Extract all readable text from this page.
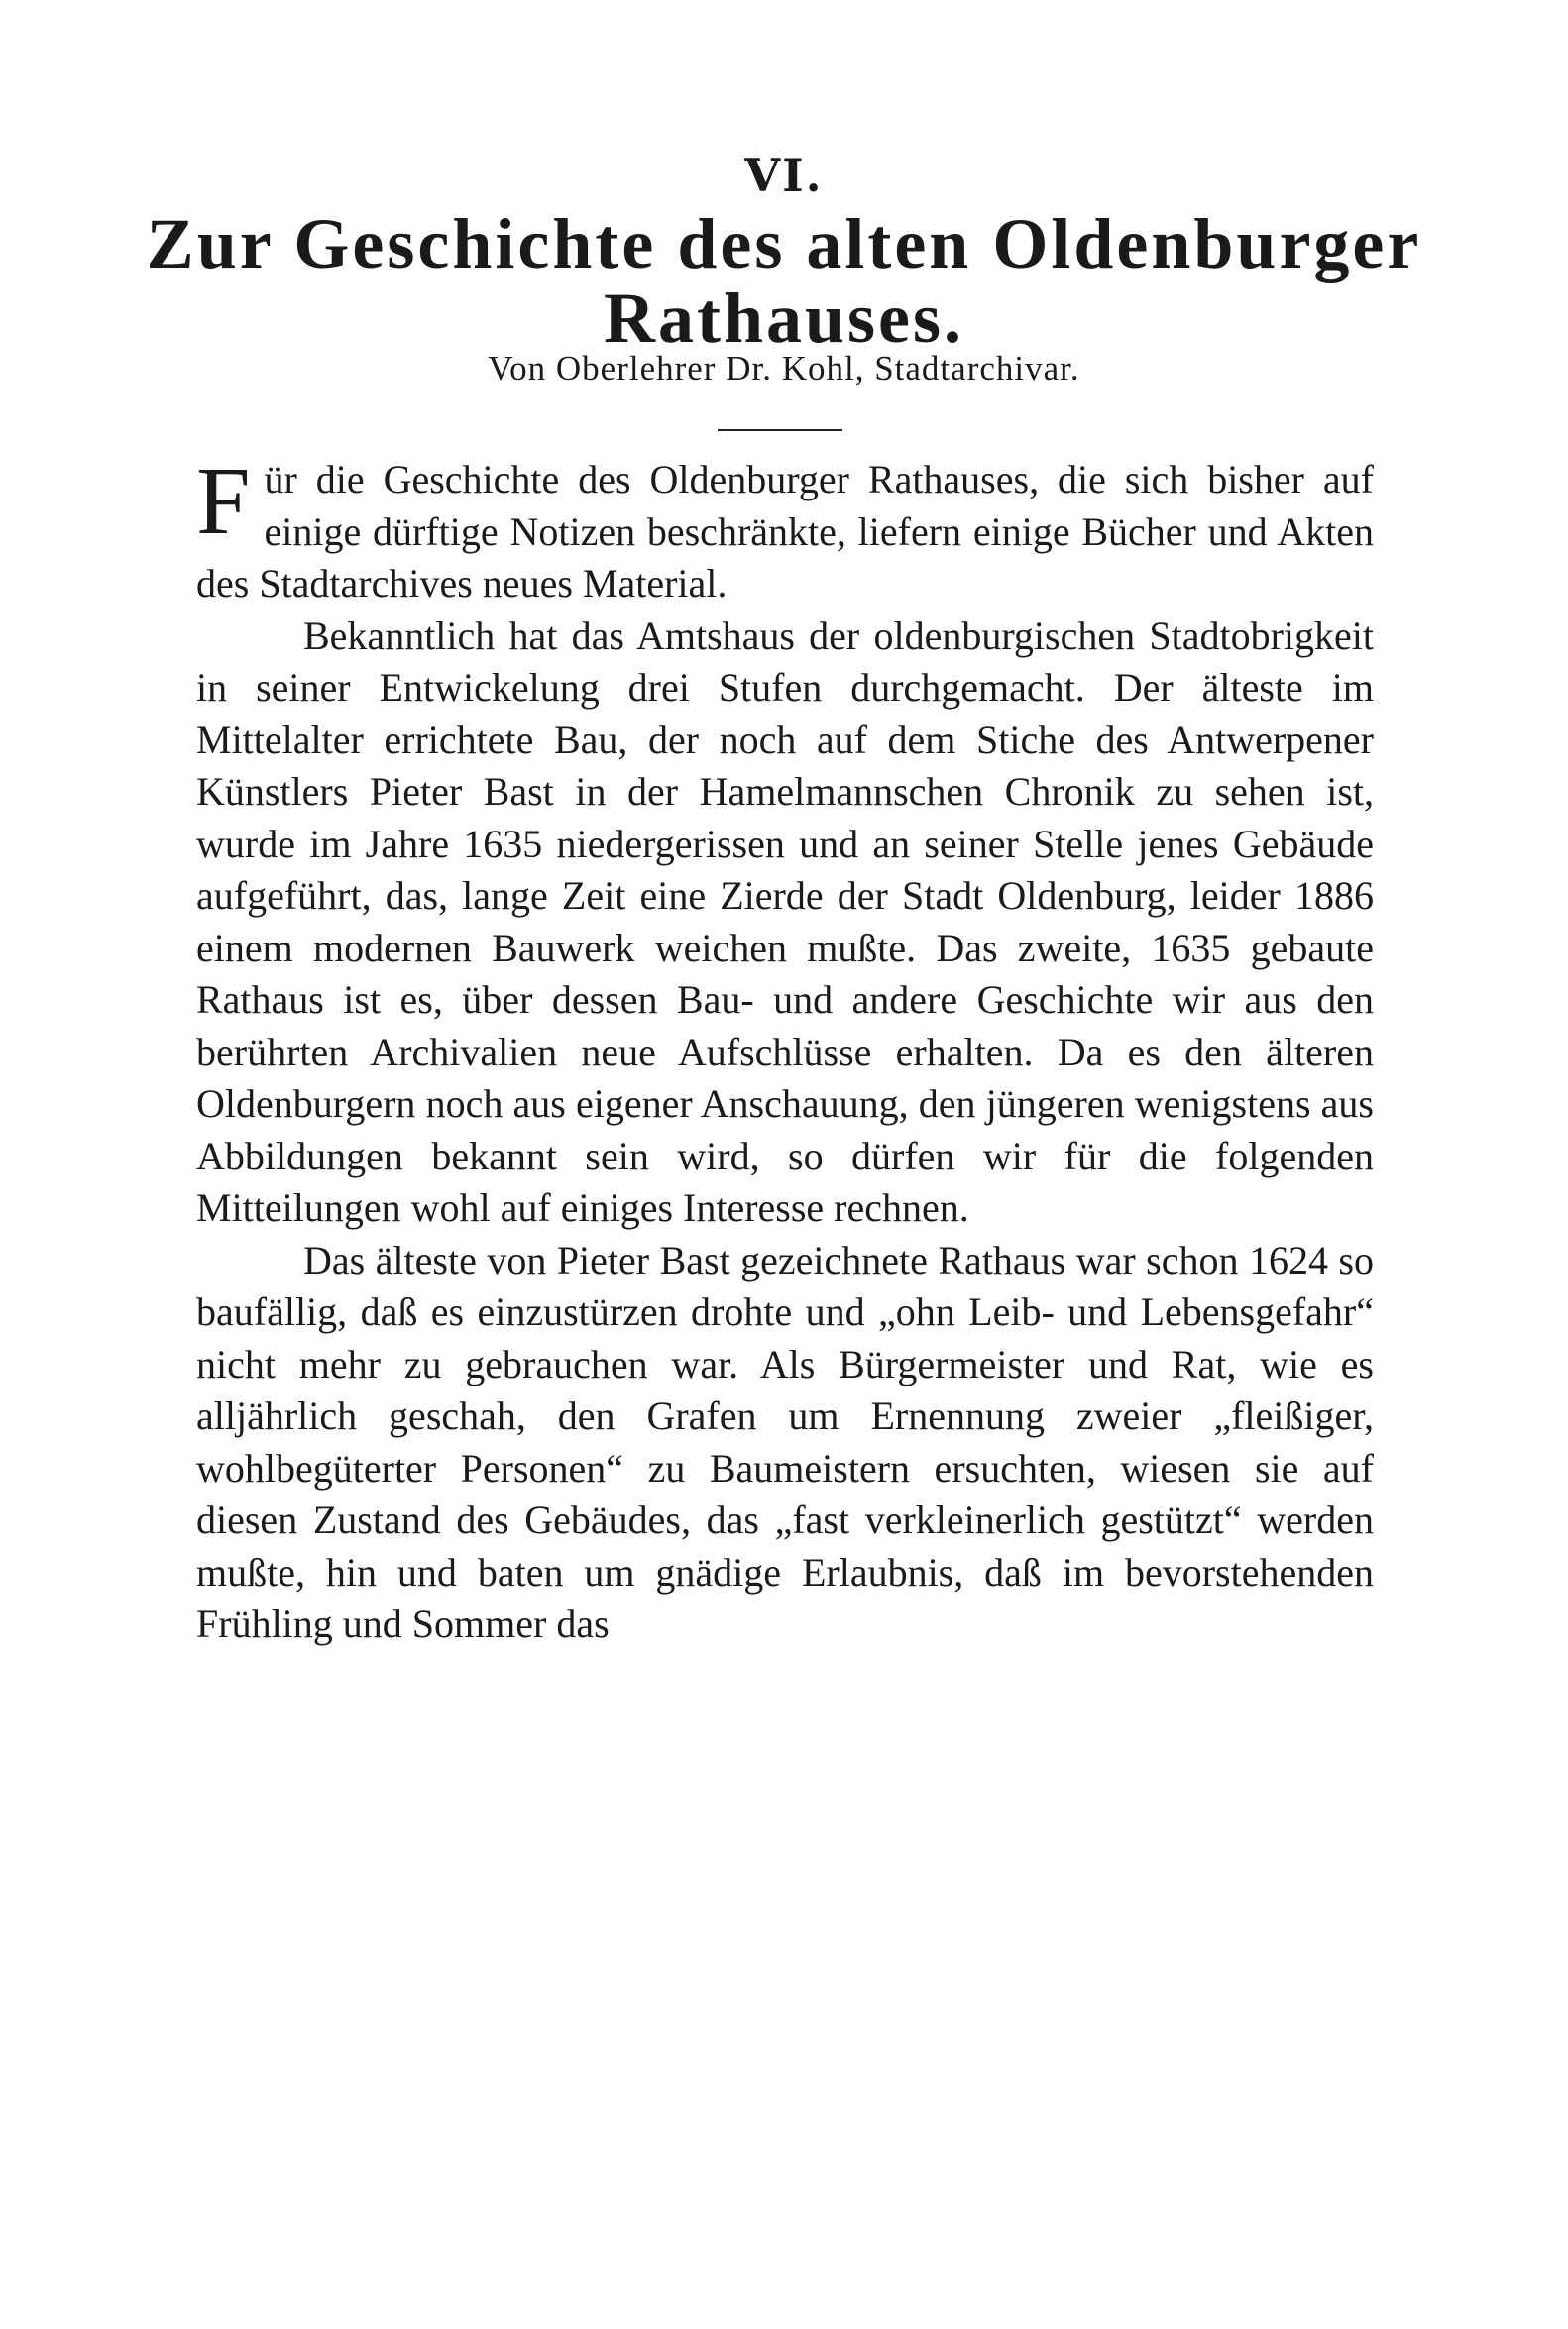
VI.
Zur Geschichte des alten Oldenburger
Rathauses.
Von Oberlehrer Dr. Kohl, Stadtarchivar.

Für die Geschichte des Oldenburger Rathauses, die sich bisher auf einige dürftige Notizen beschränkte, liefern einige Bücher und Akten des Stadtarchives neues Material.

Bekanntlich hat das Amtshaus der oldenburgischen Stadtobrigkeit in seiner Entwickelung drei Stufen durchgemacht. Der älteste im Mittelalter errichtete Bau, der noch auf dem Stiche des Antwerpener Künstlers Pieter Bast in der Hamelmannschen Chronik zu sehen ist, wurde im Jahre 1635 niedergerissen und an seiner Stelle jenes Gebäude aufgeführt, das, lange Zeit eine Zierde der Stadt Oldenburg, leider 1886 einem modernen Bauwerk weichen mußte. Das zweite, 1635 gebaute Rathaus ist es, über dessen Bau- und andere Geschichte wir aus den berührten Archivalien neue Aufschlüsse erhalten. Da es den älteren Oldenburgern noch aus eigener Anschauung, den jüngeren wenigstens aus Abbildungen bekannt sein wird, so dürfen wir für die folgenden Mitteilungen wohl auf einiges Interesse rechnen.

Das älteste von Pieter Bast gezeichnete Rathaus war schon 1624 so baufällig, daß es einzustürzen drohte und „ohn Leib- und Lebensgefahr“ nicht mehr zu gebrauchen war. Als Bürgermeister und Rat, wie es alljährlich geschah, den Grafen um Ernennung zweier „fleißiger, wohlbegüterter Personen“ zu Baumeistern ersuchten, wiesen sie auf diesen Zustand des Gebäudes, das „fast verkleinerlich gestützt“ werden mußte, hin und baten um gnädige Erlaubnis, daß im bevorstehenden Frühling und Sommer das
